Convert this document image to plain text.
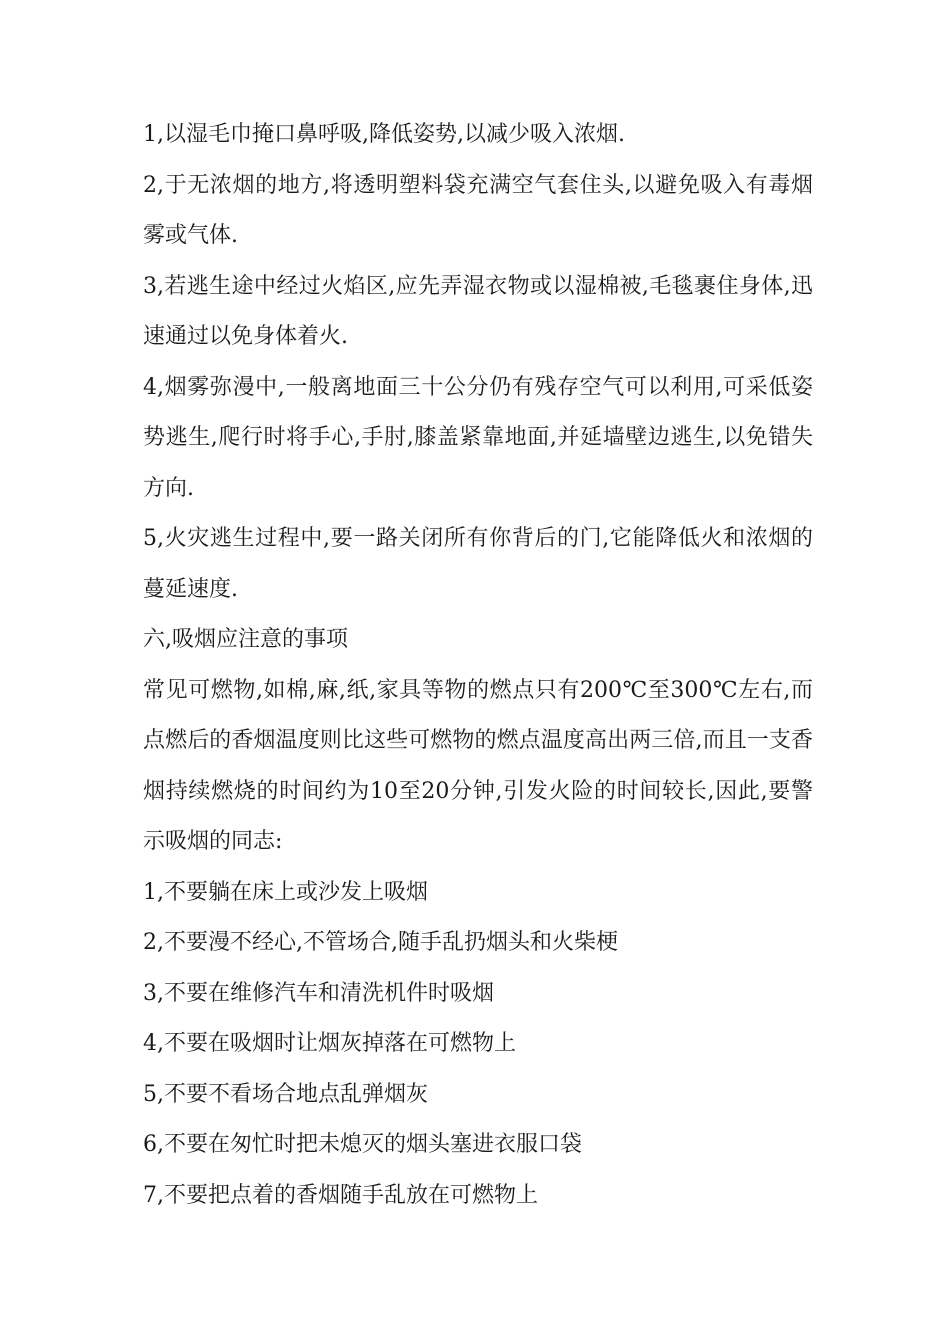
1,以湿毛巾掩口鼻呼吸,降低姿势,以减少吸入浓烟.

2,于无浓烟的地方,将透明塑料袋充满空气套住头,以避免吸入有毒烟雾或气体.

3,若逃生途中经过火焰区,应先弄湿衣物或以湿棉被,毛毯裹住身体,迅速通过以免身体着火.

4,烟雾弥漫中,一般离地面三十公分仍有残存空气可以利用,可采低姿势逃生,爬行时将手心,手肘,膝盖紧靠地面,并延墙壁边逃生,以免错失方向.

5,火灾逃生过程中,要一路关闭所有你背后的门,它能降低火和浓烟的蔓延速度.

六,吸烟应注意的事项

常见可燃物,如棉,麻,纸,家具等物的燃点只有200℃至300℃左右,而点燃后的香烟温度则比这些可燃物的燃点温度高出两三倍,而且一支香烟持续燃烧的时间约为10至20分钟,引发火险的时间较长,因此,要警示吸烟的同志:

1,不要躺在床上或沙发上吸烟

2,不要漫不经心,不管场合,随手乱扔烟头和火柴梗

3,不要在维修汽车和清洗机件时吸烟

4,不要在吸烟时让烟灰掉落在可燃物上

5,不要不看场合地点乱弹烟灰

6,不要在匆忙时把未熄灭的烟头塞进衣服口袋

7,不要把点着的香烟随手乱放在可燃物上
